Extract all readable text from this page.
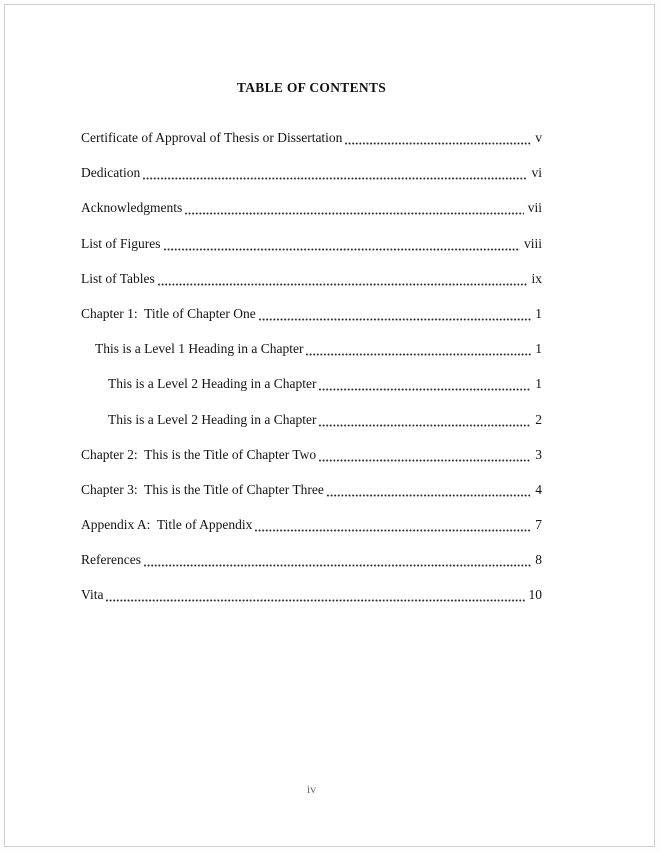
TABLE OF CONTENTS
Certificate of Approval of Thesis or Dissertation	v
Dedication	vi
Acknowledgments	vii
List of Figures	viii
List of Tables	ix
Chapter 1:  Title of Chapter One	1
This is a Level 1 Heading in a Chapter	1
This is a Level 2 Heading in a Chapter	1
This is a Level 2 Heading in a Chapter	2
Chapter 2:  This is the Title of Chapter Two	3
Chapter 3:  This is the Title of Chapter Three	4
Appendix A:  Title of Appendix	7
References	8
Vita	10
iv
